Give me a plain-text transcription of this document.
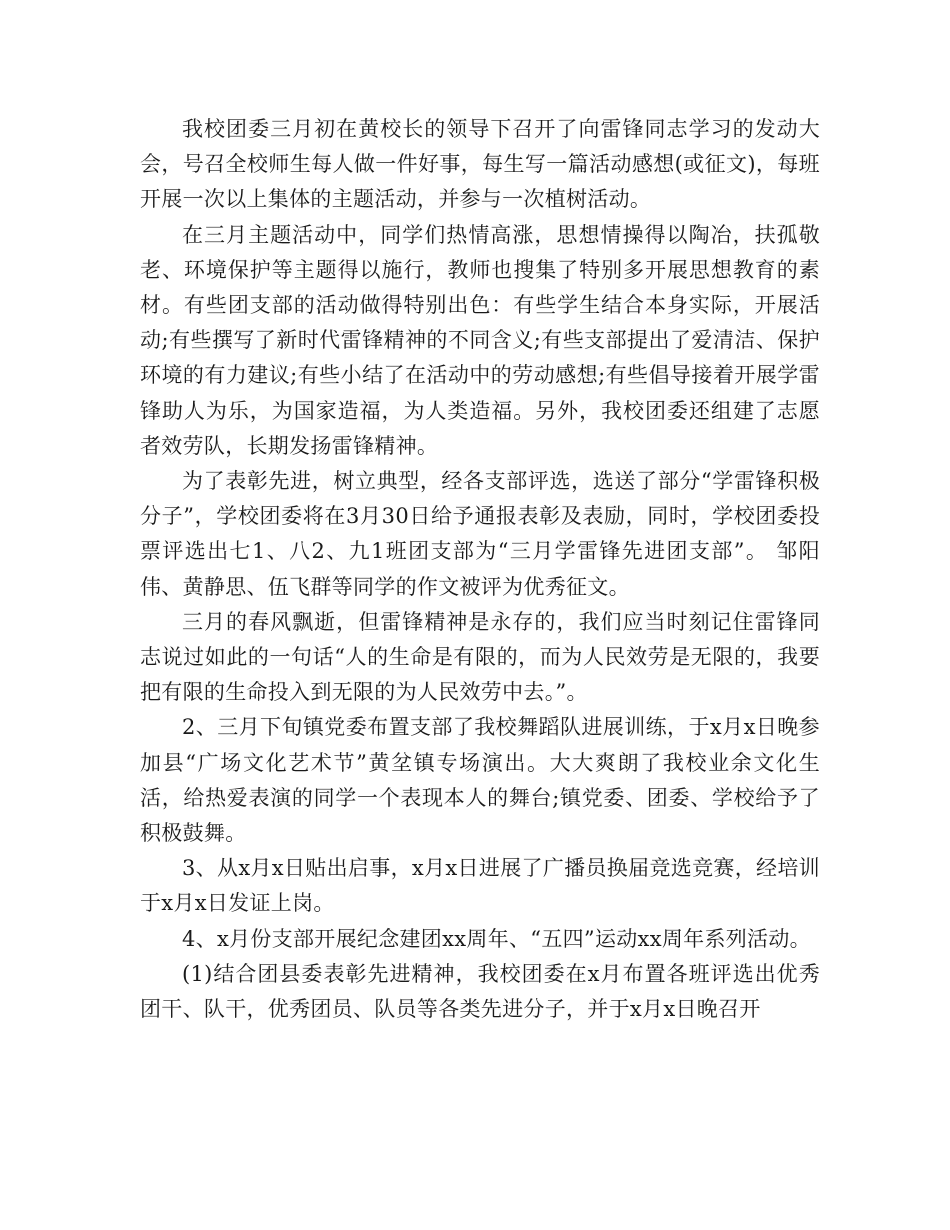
我校团委三月初在黄校长的领导下召开了向雷锋同志学习的发动大会，号召全校师生每人做一件好事，每生写一篇活动感想(或征文)，每班开展一次以上集体的主题活动，并参与一次植树活动。

在三月主题活动中，同学们热情高涨，思想情操得以陶冶，扶孤敬老、环境保护等主题得以施行，教师也搜集了特别多开展思想教育的素材。有些团支部的活动做得特别出色：有些学生结合本身实际，开展活动;有些撰写了新时代雷锋精神的不同含义;有些支部提出了爱清洁、保护环境的有力建议;有些小结了在活动中的劳动感想;有些倡导接着开展学雷锋助人为乐，为国家造福，为人类造福。另外，我校团委还组建了志愿者效劳队，长期发扬雷锋精神。

为了表彰先进，树立典型，经各支部评选，选送了部分“学雷锋积极分子”，学校团委将在3月30日给予通报表彰及表励，同时，学校团委投票评选出七1、八2、九1班团支部为“三月学雷锋先进团支部”。 邹阳伟、黄静思、伍飞群等同学的作文被评为优秀征文。

三月的春风飘逝，但雷锋精神是永存的，我们应当时刻记住雷锋同志说过如此的一句话“人的生命是有限的，而为人民效劳是无限的，我要把有限的生命投入到无限的为人民效劳中去。”。

2、三月下旬镇党委布置支部了我校舞蹈队进展训练，于x月x日晚参加县“广场文化艺术节”黄坌镇专场演出。大大爽朗了我校业余文化生活，给热爱表演的同学一个表现本人的舞台;镇党委、团委、学校给予了积极鼓舞。

3、从x月x日贴出启事，x月x日进展了广播员换届竞选竞赛，经培训于x月x日发证上岗。

4、x月份支部开展纪念建团xx周年、“五四”运动xx周年系列活动。

(1)结合团县委表彰先进精神，我校团委在x月布置各班评选出优秀团干、队干，优秀团员、队员等各类先进分子，并于x月x日晚召开
